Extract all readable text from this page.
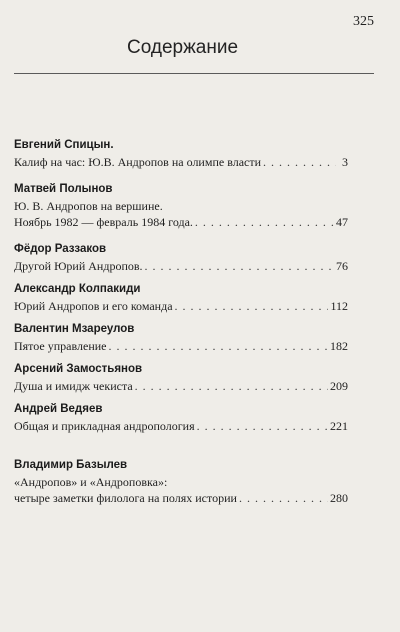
325
Содержание
Евгений Спицын.
Калиф на час: Ю.В. Андропов на олимпе власти . . .	3
Матвей Полынов
Ю. В. Андропов на вершине.
Ноябрь 1982 — февраль 1984 года. . . .	47
Фёдор Раззаков
Другой Юрий Андропов. . . .	76
Александр Колпакиди
Юрий Андропов и его команда . . .	112
Валентин Мзареулов
Пятое управление . . .	182
Арсений Замостьянов
Душа и имидж чекиста . . .	209
Андрей Ведяев
Общая и прикладная андропология . . .	221
Владимир Базылев
«Андропов» и «Андроповка»:
четыре заметки филолога на полях истории . . .	280
